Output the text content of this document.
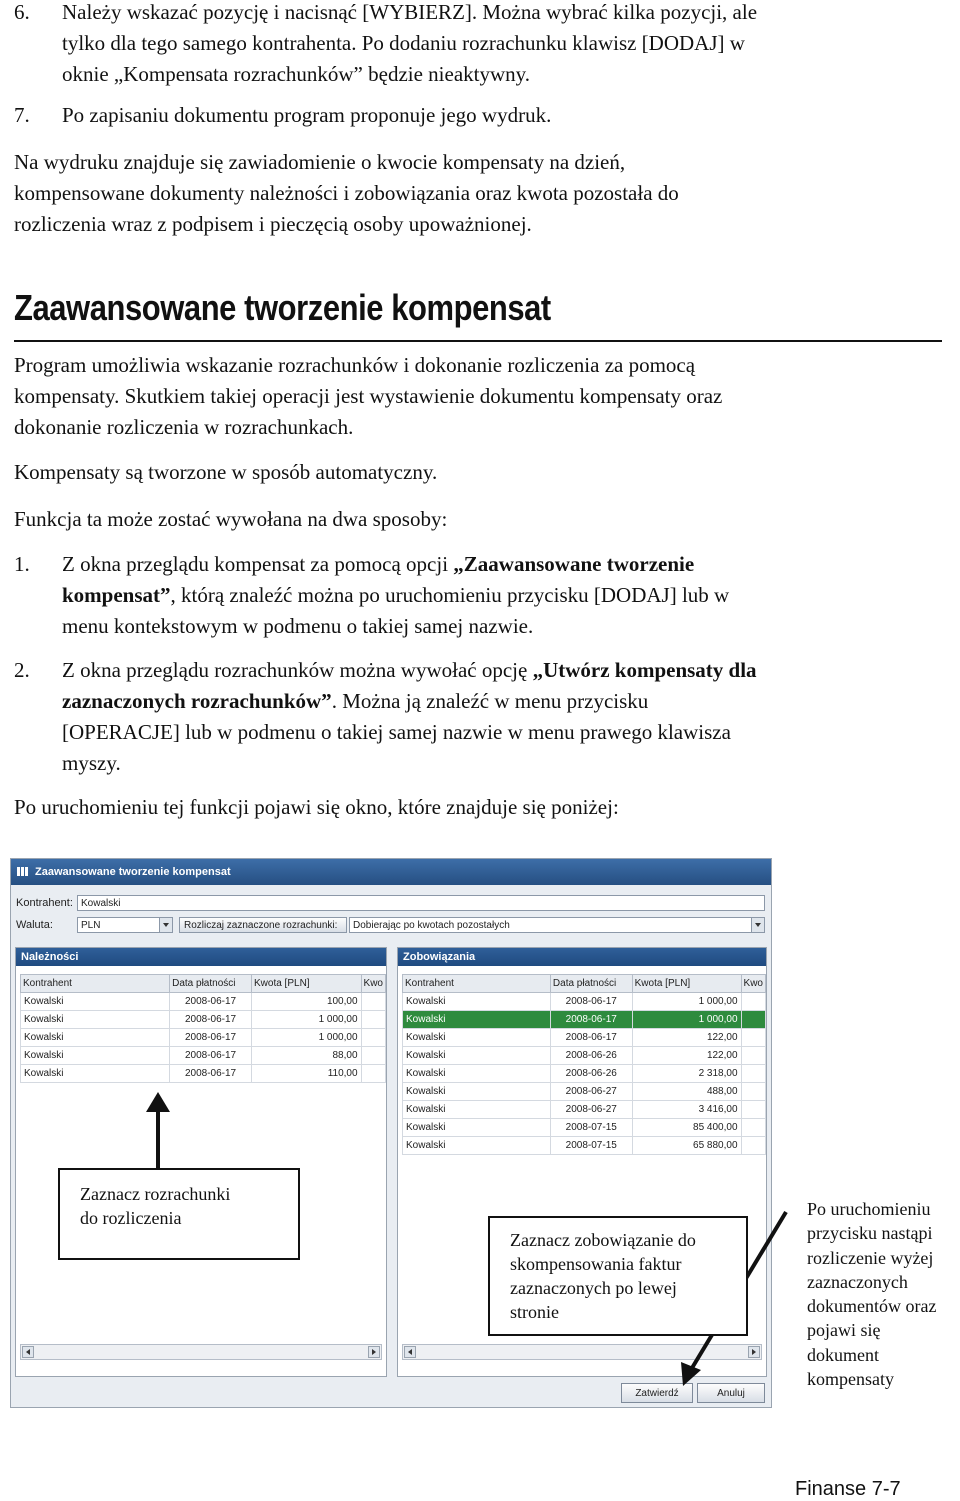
6. Należy wskazać pozycję i nacisnąć [WYBIERZ]. Można wybrać kilka pozycji, ale
tylko dla tego samego kontrahenta. Po dodaniu rozrachunku klawisz [DODAJ] w
oknie „Kompensata rozrachunków” będzie nieaktywny.
7. Po zapisaniu dokumentu program proponuje jego wydruk.
Na wydruku znajduje się zawiadomienie o kwocie kompensaty na dzień,
kompensowane dokumenty należności i zobowiązania oraz kwota pozostała do
rozliczenia wraz z podpisem i pieczęcią osoby upoważnionej.
Zaawansowane tworzenie kompensat
Program umożliwia wskazanie rozrachunków i dokonanie rozliczenia za pomocą
kompensaty. Skutkiem takiej operacji jest wystawienie dokumentu kompensaty oraz
dokonanie rozliczenia w rozrachunkach.
Kompensaty są tworzone w sposób automatyczny.
Funkcja ta może zostać wywołana na dwa sposoby:
1. Z okna przeglądu kompensat za pomocą opcji „Zaawansowane tworzenie
kompensat”, którą znaleźć można po uruchomieniu przycisku [DODAJ] lub w
menu kontekstowym w podmenu o takiej samej nazwie.
2. Z okna przeglądu rozrachunków można wywołać opcję „Utwórz kompensaty dla
zaznaczonych rozrachunków”. Można ją znaleźć w menu przycisku
[OPERACJE] lub w podmenu o takiej samej nazwie w menu prawego klawisza
myszy.
Po uruchomieniu tej funkcji pojawi się okno, które znajduje się poniżej:
Zaawansowane tworzenie kompensat
Kontrahent: Kowalski
Waluta:	PLN	Rozliczaj zaznaczone rozrachunki:	Dobierając po kwotach pozostałych
Należności
Kontrahent	Data płatności	Kwota [PLN]	Kwo
Kowalski	2008-06-17	100,00	
Kowalski	2008-06-17	1 000,00	
Kowalski	2008-06-17	1 000,00	
Kowalski	2008-06-17	88,00	
Kowalski	2008-06-17	110,00	
Zobowiązania
Kontrahent	Data płatności	Kwota [PLN]	Kwo
Kowalski	2008-06-17	1 000,00	
Kowalski	2008-06-17	1 000,00	
Kowalski	2008-06-17	122,00	
Kowalski	2008-06-26	122,00	
Kowalski	2008-06-26	2 318,00	
Kowalski	2008-06-27	488,00	
Kowalski	2008-06-27	3 416,00	
Kowalski	2008-07-15	85 400,00	
Kowalski	2008-07-15	65 880,00	
Zatwierdź	Anuluj
Zaznacz rozrachunki
do rozliczenia
Zaznacz zobowiązanie do
skompensowania faktur
zaznaczonych po lewej
stronie
Po uruchomieniu
przycisku nastąpi
rozliczenie wyżej
zaznaczonych
dokumentów oraz
pojawi się
dokument
kompensaty
Finanse 7-7
